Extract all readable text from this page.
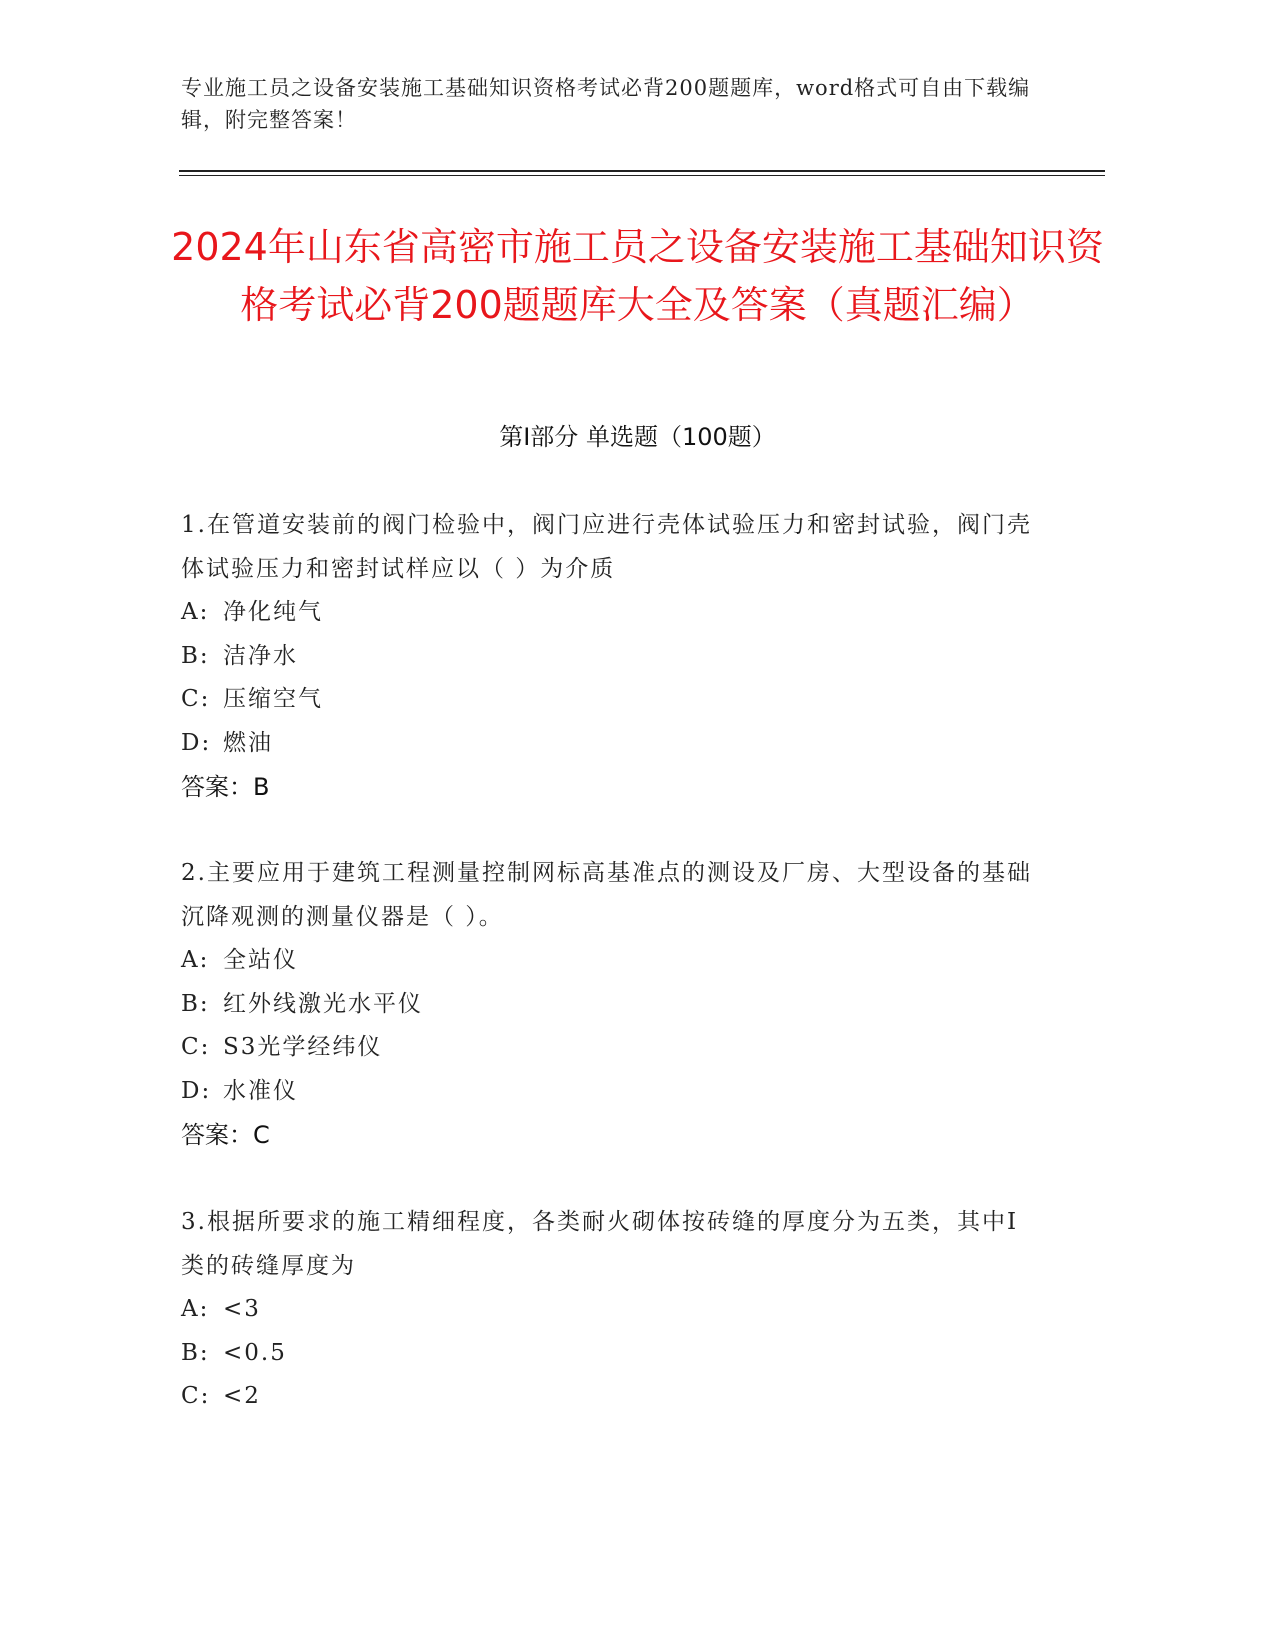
专业施工员之设备安装施工基础知识资格考试必背200题题库，word格式可自由下载编辑，附完整答案！
2024年山东省高密市施工员之设备安装施工基础知识资格考试必背200题题库大全及答案（真题汇编）
第Ⅰ部分 单选题（100题）

1.在管道安装前的阀门检验中，阀门应进行壳体试验压力和密封试验，阀门壳体试验压力和密封试样应以（ ）为介质

A: 净化纯气

B: 洁净水

C: 压缩空气

D: 燃油

答案：B

2.主要应用于建筑工程测量控制网标高基准点的测设及厂房、大型设备的基础沉降观测的测量仪器是（ ）。

A: 全站仪

B: 红外线激光水平仪

C: S3光学经纬仪

D: 水准仪

答案：C

3.根据所要求的施工精细程度，各类耐火砌体按砖缝的厚度分为五类，其中Ⅰ类的砖缝厚度为

A: <3

B: <0.5

C: <2
